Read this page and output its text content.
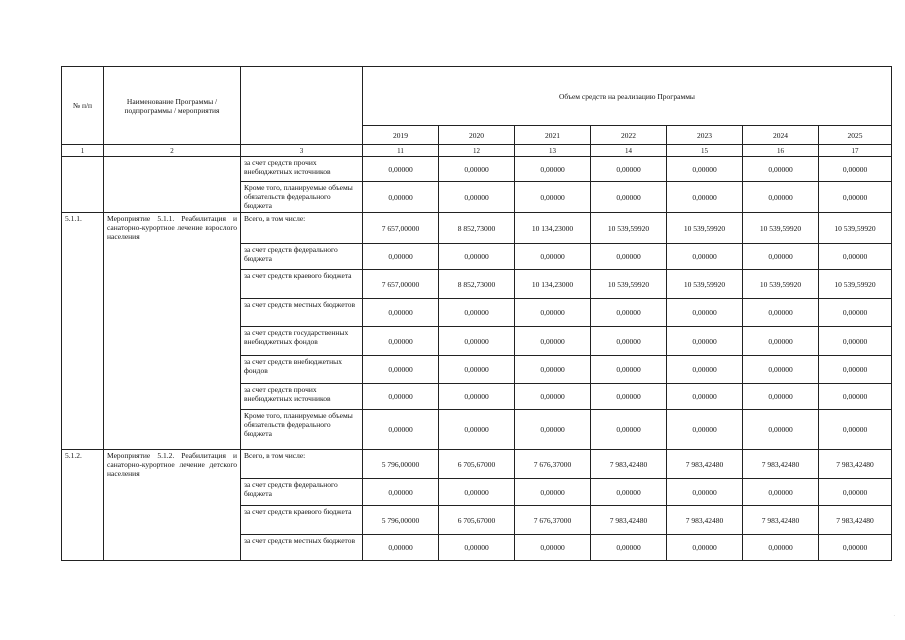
№ п/п	Наименование Программы / подпрограммы / мероприятия		Объем средств на реализацию Программы						
			2019	2020	2021	2022	2023	2024	2025
1	2	3	11	12	13	14	15	16	17
		за счет средств прочих внебюджетных источников	0,00000	0,00000	0,00000	0,00000	0,00000	0,00000	0,00000
		Кроме того, планируемые объемы обязательств федерального бюджета	0,00000	0,00000	0,00000	0,00000	0,00000	0,00000	0,00000
5.1.1.	Мероприятие 5.1.1. Реабилитация и санаторно-курортное лечение взрослого населения	Всего, в том числе:	7 657,00000	8 852,73000	10 134,23000	10 539,59920	10 539,59920	10 539,59920	10 539,59920
		за счет средств федерального бюджета	0,00000	0,00000	0,00000	0,00000	0,00000	0,00000	0,00000
		за счет средств краевого бюджета	7 657,00000	8 852,73000	10 134,23000	10 539,59920	10 539,59920	10 539,59920	10 539,59920
		за счет средств местных бюджетов	0,00000	0,00000	0,00000	0,00000	0,00000	0,00000	0,00000
		за счет средств государственных внебюджетных фондов	0,00000	0,00000	0,00000	0,00000	0,00000	0,00000	0,00000
		за счет средств внебюджетных фондов	0,00000	0,00000	0,00000	0,00000	0,00000	0,00000	0,00000
		за счет средств прочих внебюджетных источников	0,00000	0,00000	0,00000	0,00000	0,00000	0,00000	0,00000
		Кроме того, планируемые объемы обязательств федерального бюджета	0,00000	0,00000	0,00000	0,00000	0,00000	0,00000	0,00000
5.1.2.	Мероприятие 5.1.2. Реабилитация и санаторно-курортное лечение детского населения	Всего, в том числе:	5 796,00000	6 705,67000	7 676,37000	7 983,42480	7 983,42480	7 983,42480	7 983,42480
		за счет средств федерального бюджета	0,00000	0,00000	0,00000	0,00000	0,00000	0,00000	0,00000
		за счет средств краевого бюджета	5 796,00000	6 705,67000	7 676,37000	7 983,42480	7 983,42480	7 983,42480	7 983,42480
		за счет средств местных бюджетов	0,00000	0,00000	0,00000	0,00000	0,00000	0,00000	0,00000
.
